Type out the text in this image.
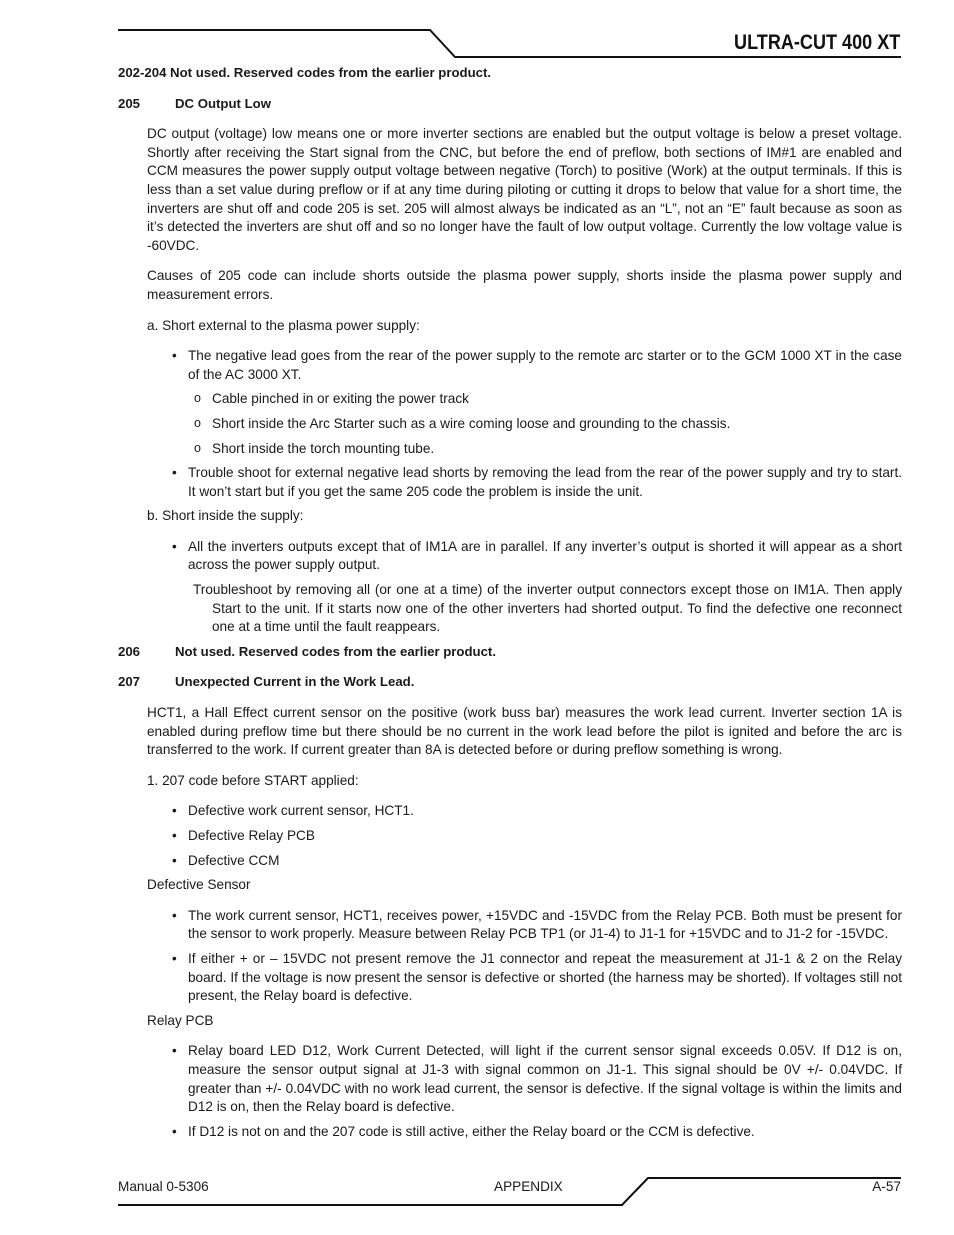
ULTRA-CUT 400 XT

202-204 Not used. Reserved codes from the earlier product.

205	DC Output Low

DC output (voltage) low means one or more inverter sections are enabled but the output voltage is below a preset voltage. Shortly after receiving the Start signal from the CNC, but before the end of preflow, both sections of IM#1 are enabled and CCM measures the power supply output voltage between negative (Torch) to positive (Work) at the output terminals. If this is less than a set value during preflow or if at any time during piloting or cutting it drops to below that value for a short time, the inverters are shut off and code 205 is set. 205 will almost always be indicated as an “L”, not an “E” fault because as soon as it’s detected the inverters are shut off and so no longer have the fault of low output voltage. Currently the low voltage value is -60VDC.

Causes of 205 code can include shorts outside the plasma power supply, shorts inside the plasma power supply and measurement errors.

a. Short external to the plasma power supply:

• The negative lead goes from the rear of the power supply to the remote arc starter or to the GCM 1000 XT in the case of the AC 3000 XT.

o Cable pinched in or exiting the power track

o Short inside the Arc Starter such as a wire coming loose and grounding to the chassis.

o Short inside the torch mounting tube.

• Trouble shoot for external negative lead shorts by removing the lead from the rear of the power supply and try to start. It won’t start but if you get the same 205 code the problem is inside the unit.

b. Short inside the supply:

• All the inverters outputs except that of IM1A are in parallel. If any inverter’s output is shorted it will appear as a short across the power supply output.

Troubleshoot by removing all (or one at a time) of the inverter output connectors except those on IM1A. Then apply Start to the unit. If it starts now one of the other inverters had shorted output. To find the defective one reconnect one at a time until the fault reappears.

206	Not used. Reserved codes from the earlier product.

207	Unexpected Current in the Work Lead.

HCT1, a Hall Effect current sensor on the positive (work buss bar) measures the work lead current. Inverter section 1A is enabled during preflow time but there should be no current in the work lead before the pilot is ignited and before the arc is transferred to the work. If current greater than 8A is detected before or during preflow something is wrong.

1. 207 code before START applied:

• Defective work current sensor, HCT1.

• Defective Relay PCB

• Defective CCM

Defective Sensor

• The work current sensor, HCT1, receives power, +15VDC and -15VDC from the Relay PCB. Both must be present for the sensor to work properly. Measure between Relay PCB TP1 (or J1-4) to J1-1 for +15VDC and to J1-2 for -15VDC.

• If either + or – 15VDC not present remove the J1 connector and repeat the measurement at J1-1 & 2 on the Relay board. If the voltage is now present the sensor is defective or shorted (the harness may be shorted). If voltages still not present, the Relay board is defective.

Relay PCB

• Relay board LED D12, Work Current Detected, will light if the current sensor signal exceeds 0.05V. If D12 is on, measure the sensor output signal at J1-3 with signal common on J1-1. This signal should be 0V +/- 0.04VDC. If greater than +/- 0.04VDC with no work lead current, the sensor is defective. If the signal voltage is within the limits and D12 is on, then the Relay board is defective.

• If D12 is not on and the 207 code is still active, either the Relay board or the CCM is defective.

Manual 0-5306	APPENDIX	A-57
